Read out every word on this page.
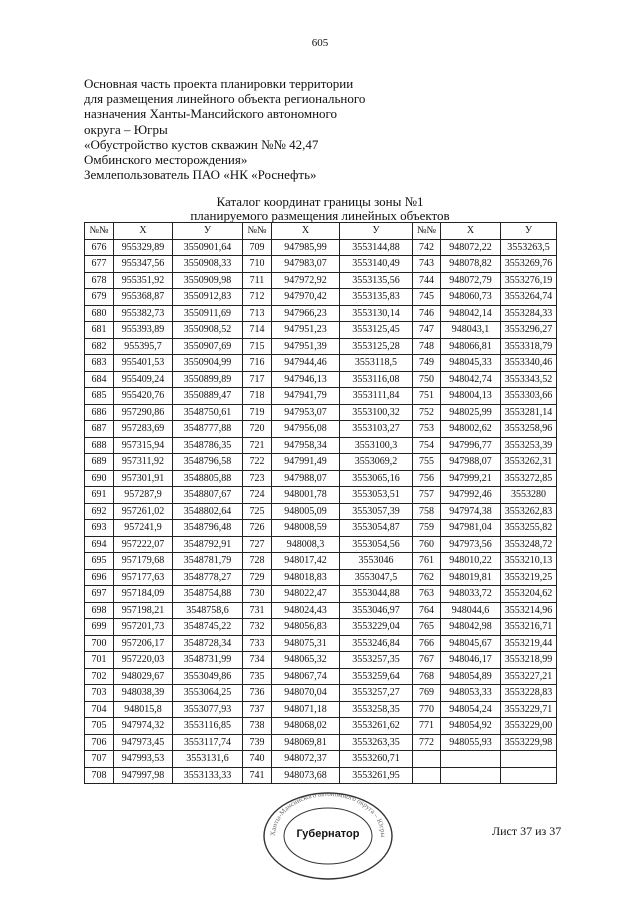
605
Основная часть проекта планировки территории
для размещения линейного объекта регионального
назначения Ханты-Мансийского автономного
округа – Югры
«Обустройство кустов скважин №№ 42,47
Омбинского месторождения»
Землепользователь ПАО «НК «Роснефть»
Каталог координат границы зоны №1
планируемого размещения линейных объектов
№№	X	У	№№	X	У	№№	X	У
676	955329,89	3550901,64	709	947985,99	3553144,88	742	948072,22	3553263,5
677	955347,56	3550908,33	710	947983,07	3553140,49	743	948078,82	3553269,76
678	955351,92	3550909,98	711	947972,92	3553135,56	744	948072,79	3553276,19
679	955368,87	3550912,83	712	947970,42	3553135,83	745	948060,73	3553264,74
680	955382,73	3550911,69	713	947966,23	3553130,14	746	948042,14	3553284,33
681	955393,89	3550908,52	714	947951,23	3553125,45	747	948043,1	3553296,27
682	955395,7	3550907,69	715	947951,39	3553125,28	748	948066,81	3553318,79
683	955401,53	3550904,99	716	947944,46	3553118,5	749	948045,33	3553340,46
684	955409,24	3550899,89	717	947946,13	3553116,08	750	948042,74	3553343,52
685	955420,76	3550889,47	718	947941,79	3553111,84	751	948004,13	3553303,66
686	957290,86	3548750,61	719	947953,07	3553100,32	752	948025,99	3553281,14
687	957283,69	3548777,88	720	947956,08	3553103,27	753	948002,62	3553258,96
688	957315,94	3548786,35	721	947958,34	3553100,3	754	947996,77	3553253,39
689	957311,92	3548796,58	722	947991,49	3553069,2	755	947988,07	3553262,31
690	957301,91	3548805,88	723	947988,07	3553065,16	756	947999,21	3553272,85
691	957287,9	3548807,67	724	948001,78	3553053,51	757	947992,46	3553280
692	957261,02	3548802,64	725	948005,09	3553057,39	758	947974,38	3553262,83
693	957241,9	3548796,48	726	948008,59	3553054,87	759	947981,04	3553255,82
694	957222,07	3548792,91	727	948008,3	3553054,56	760	947973,56	3553248,72
695	957179,68	3548781,79	728	948017,42	3553046	761	948010,22	3553210,13
696	957177,63	3548778,27	729	948018,83	3553047,5	762	948019,81	3553219,25
697	957184,09	3548754,88	730	948022,47	3553044,88	763	948033,72	3553204,62
698	957198,21	3548758,6	731	948024,43	3553046,97	764	948044,6	3553214,96
699	957201,73	3548745,22	732	948056,83	3553229,04	765	948042,98	3553216,71
700	957206,17	3548728,34	733	948075,31	3553246,84	766	948045,67	3553219,44
701	957220,03	3548731,99	734	948065,32	3553257,35	767	948046,17	3553218,99
702	948029,67	3553049,86	735	948067,74	3553259,64	768	948054,89	3553227,21
703	948038,39	3553064,25	736	948070,04	3553257,27	769	948053,33	3553228,83
704	948015,8	3553077,93	737	948071,18	3553258,35	770	948054,24	3553229,71
705	947974,32	3553116,85	738	948068,02	3553261,62	771	948054,92	3553229,00
706	947973,45	3553117,74	739	948069,81	3553263,35	772	948055,93	3553229,98
707	947993,53	3553131,6	740	948072,37	3553260,71			
708	947997,98	3553133,33	741	948073,68	3553261,95			
Ханты-Мансийского автономного округа – Югры
Губернатор	Лист 37 из 37
